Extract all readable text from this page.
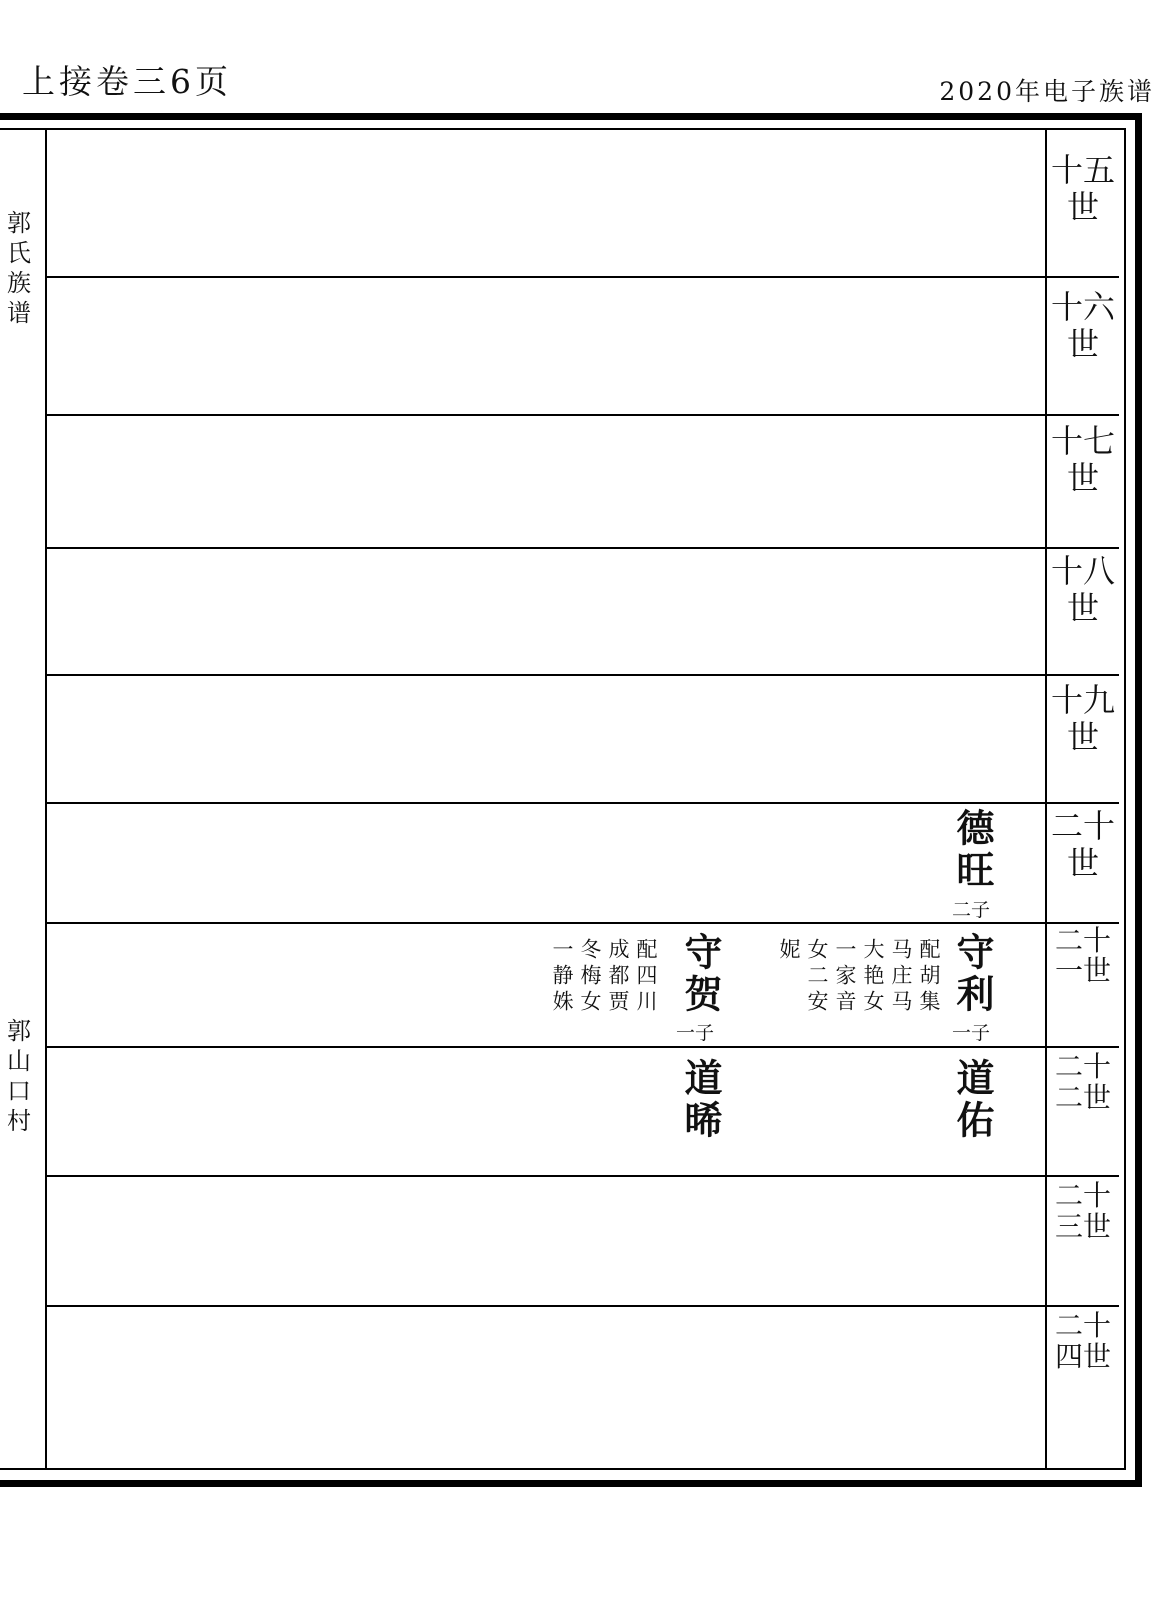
上接卷三6页	2020年电子族谱
郭氏族谱
郭山口村
十五世
十六世
十七世
十八世
十九世
二十世
二十一世
二十二世
二十三世
二十四世
德旺
二子
守利
一子
配胡集
马庄马
大艳女
一家音
女二安
妮
守贺
一子
配四川
成都贾
冬梅女
一静姝
道佑
道晞
